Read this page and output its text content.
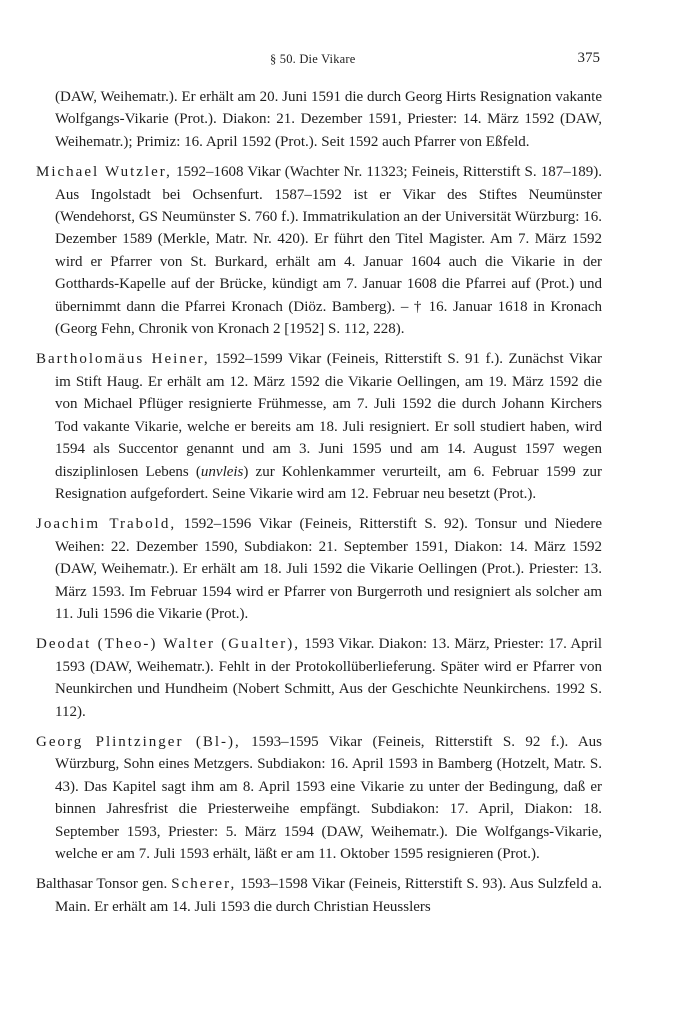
§ 50. Die Vikare	375

(DAW, Weihematr.). Er erhält am 20. Juni 1591 die durch Georg Hirts Resignation vakante Wolfgangs-Vikarie (Prot.). Diakon: 21. Dezember 1591, Priester: 14. März 1592 (DAW, Weihematr.); Primiz: 16. April 1592 (Prot.). Seit 1592 auch Pfarrer von Eßfeld.

Michael Wutzler, 1592–1608 Vikar (Wachter Nr. 11323; Feineis, Ritterstift S. 187–189). Aus Ingolstadt bei Ochsenfurt. 1587–1592 ist er Vikar des Stiftes Neumünster (Wendehorst, GS Neumünster S. 760 f.). Immatrikulation an der Universität Würzburg: 16. Dezember 1589 (Merkle, Matr. Nr. 420). Er führt den Titel Magister. Am 7. März 1592 wird er Pfarrer von St. Burkard, erhält am 4. Januar 1604 auch die Vikarie in der Gotthards-Kapelle auf der Brücke, kündigt am 7. Januar 1608 die Pfarrei auf (Prot.) und übernimmt dann die Pfarrei Kronach (Diöz. Bamberg). – † 16. Januar 1618 in Kronach (Georg Fehn, Chronik von Kronach 2 [1952] S. 112, 228).

Bartholomäus Heiner, 1592–1599 Vikar (Feineis, Ritterstift S. 91 f.). Zunächst Vikar im Stift Haug. Er erhält am 12. März 1592 die Vikarie Oellingen, am 19. März 1592 die von Michael Pflüger resignierte Frühmesse, am 7. Juli 1592 die durch Johann Kirchers Tod vakante Vikarie, welche er bereits am 18. Juli resigniert. Er soll studiert haben, wird 1594 als Succentor genannt und am 3. Juni 1595 und am 14. August 1597 wegen disziplinlosen Lebens (unvleis) zur Kohlenkammer verurteilt, am 6. Februar 1599 zur Resignation aufgefordert. Seine Vikarie wird am 12. Februar neu besetzt (Prot.).

Joachim Trabold, 1592–1596 Vikar (Feineis, Ritterstift S. 92). Tonsur und Niedere Weihen: 22. Dezember 1590, Subdiakon: 21. September 1591, Diakon: 14. März 1592 (DAW, Weihematr.). Er erhält am 18. Juli 1592 die Vikarie Oellingen (Prot.). Priester: 13. März 1593. Im Februar 1594 wird er Pfarrer von Burgerroth und resigniert als solcher am 11. Juli 1596 die Vikarie (Prot.).

Deodat (Theo-) Walter (Gualter), 1593 Vikar. Diakon: 13. März, Priester: 17. April 1593 (DAW, Weihematr.). Fehlt in der Protokollüberlieferung. Später wird er Pfarrer von Neunkirchen und Hundheim (Nobert Schmitt, Aus der Geschichte Neunkirchens. 1992 S. 112).

Georg Plintzinger (Bl-), 1593–1595 Vikar (Feineis, Ritterstift S. 92 f.). Aus Würzburg, Sohn eines Metzgers. Subdiakon: 16. April 1593 in Bamberg (Hotzelt, Matr. S. 43). Das Kapitel sagt ihm am 8. April 1593 eine Vikarie zu unter der Bedingung, daß er binnen Jahresfrist die Priesterweihe empfängt. Subdiakon: 17. April, Diakon: 18. September 1593, Priester: 5. März 1594 (DAW, Weihematr.). Die Wolfgangs-Vikarie, welche er am 7. Juli 1593 erhält, läßt er am 11. Oktober 1595 resignieren (Prot.).

Balthasar Tonsor gen. Scherer, 1593–1598 Vikar (Feineis, Ritterstift S. 93). Aus Sulzfeld a. Main. Er erhält am 14. Juli 1593 die durch Christian Heusslers
